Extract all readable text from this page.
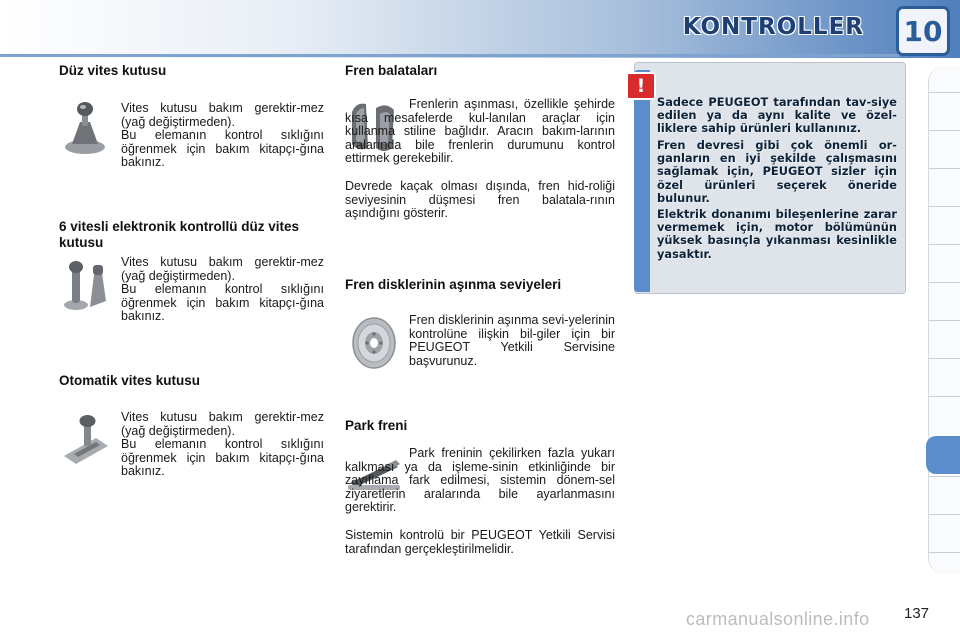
KONTROLLER 10
Düz vites kutusu

Vites kutusu bakım gerektir-mez (yağ değiştirmeden).

Bu elemanın kontrol sıklığını öğrenmek için bakım kitapçı-ğına bakınız.

6 vitesli elektronik kontrollü düz vites kutusu

Vites kutusu bakım gerektir-mez (yağ değiştirmeden).

Bu elemanın kontrol sıklığını öğrenmek için bakım kitapçı-ğına bakınız.

Otomatik vites kutusu

Vites kutusu bakım gerektir-mez (yağ değiştirmeden).

Bu elemanın kontrol sıklığını öğrenmek için bakım kitapçı-ğına bakınız.

Fren balataları

Frenlerin aşınması, özellikle şehirde kısa mesafelerde kul-lanılan araçlar için kullanma stiline bağlıdır. Aracın bakım-larının aralarında bile frenlerin durumunu kontrol ettirmek gerekebilir.

Devrede kaçak olması dışında, fren hid-roliği seviyesinin düşmesi fren balatala-rının aşındığını gösterir.

Fren disklerinin aşınma seviyeleri

Fren disklerinin aşınma sevi-yelerinin kontrolüne ilişkin bil-giler için bir PEUGEOT Yetkili Servisine başvurunuz.

Park freni

Park freninin çekilirken fazla yukarı kalkması ya da işleme-sinin etkinliğinde bir zayıflama fark edilmesi, sistemin dönem-sel ziyaretlerin aralarında bile ayarlanmasını gerektirir.

Sistemin kontrolü bir PEUGEOT Yetkili Servisi tarafından gerçekleştirilmelidir.

!

Sadece PEUGEOT tarafından tav-siye edilen ya da aynı kalite ve özel-liklere sahip ürünleri kullanınız.

Fren devresi gibi çok önemli or-ganların en iyi şekilde çalışmasını sağlamak için, PEUGEOT sizler için özel ürünleri seçerek öneride bulunur.

Elektrik donanımı bileşenlerine zarar vermemek için, motor bölümünün yüksek basınçla yıkanması kesinlikle yasaktır.

carmanualsonline.info 137
